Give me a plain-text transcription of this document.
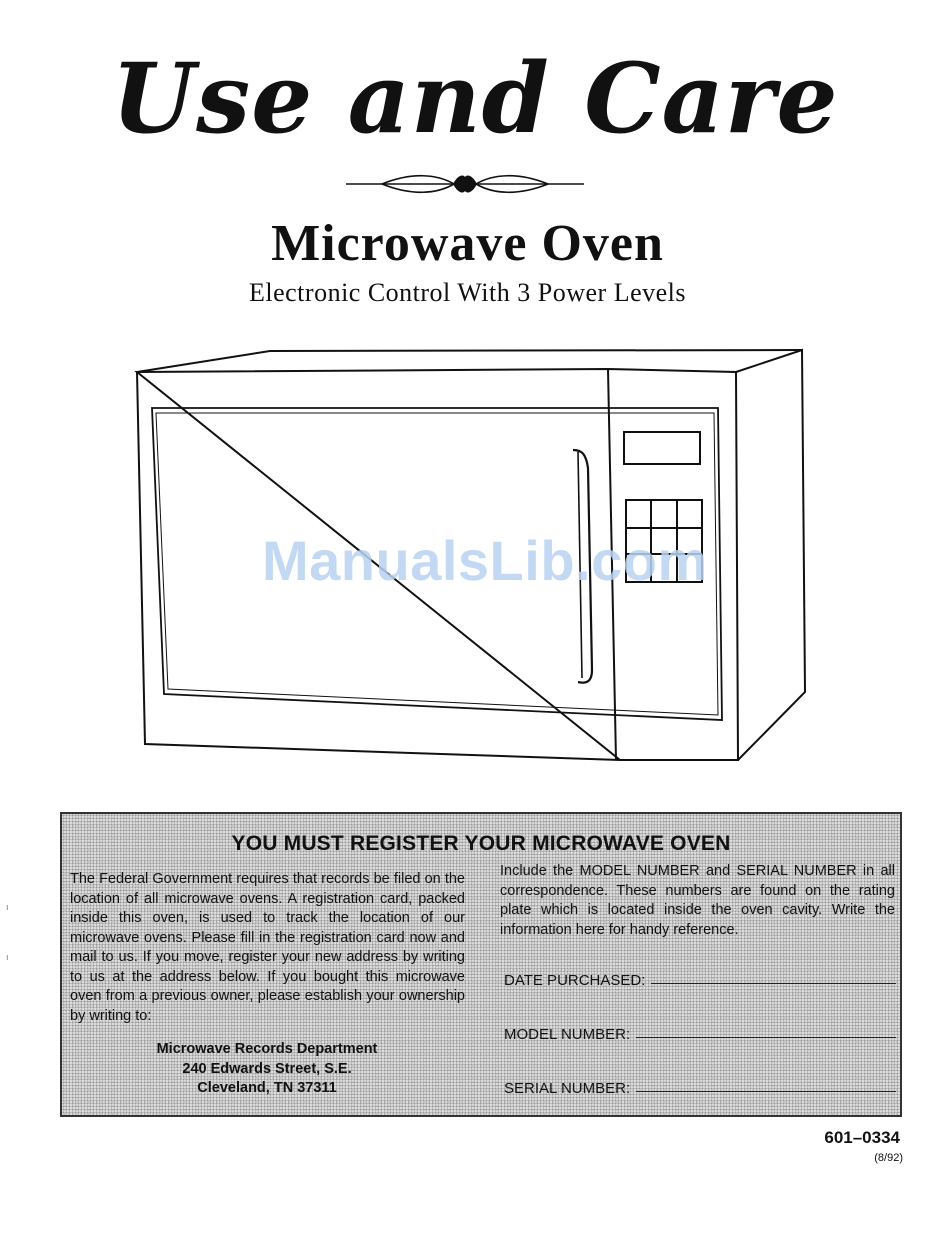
Use and Care
Microwave Oven
Electronic Control With 3 Power Levels
ManualsLib.com
ı
ı
YOU MUST REGISTER YOUR MICROWAVE OVEN

The Federal Government requires that records be filed on the location of all microwave ovens. A registration card, packed inside this oven, is used to track the location of our microwave ovens. Please fill in the registration card now and mail to us. If you move, register your new address by writing to us at the address below. If you bought this microwave oven from a previous owner, please establish your ownership by writing to:

Microwave Records Department
240 Edwards Street, S.E.
Cleveland, TN 37311

Include the MODEL NUMBER and SERIAL NUMBER in all correspondence. These numbers are found on the rating plate which is located inside the oven cavity. Write the information here for handy reference.

DATE PURCHASED:
MODEL NUMBER:
SERIAL NUMBER:
601–0334
(8/92)
